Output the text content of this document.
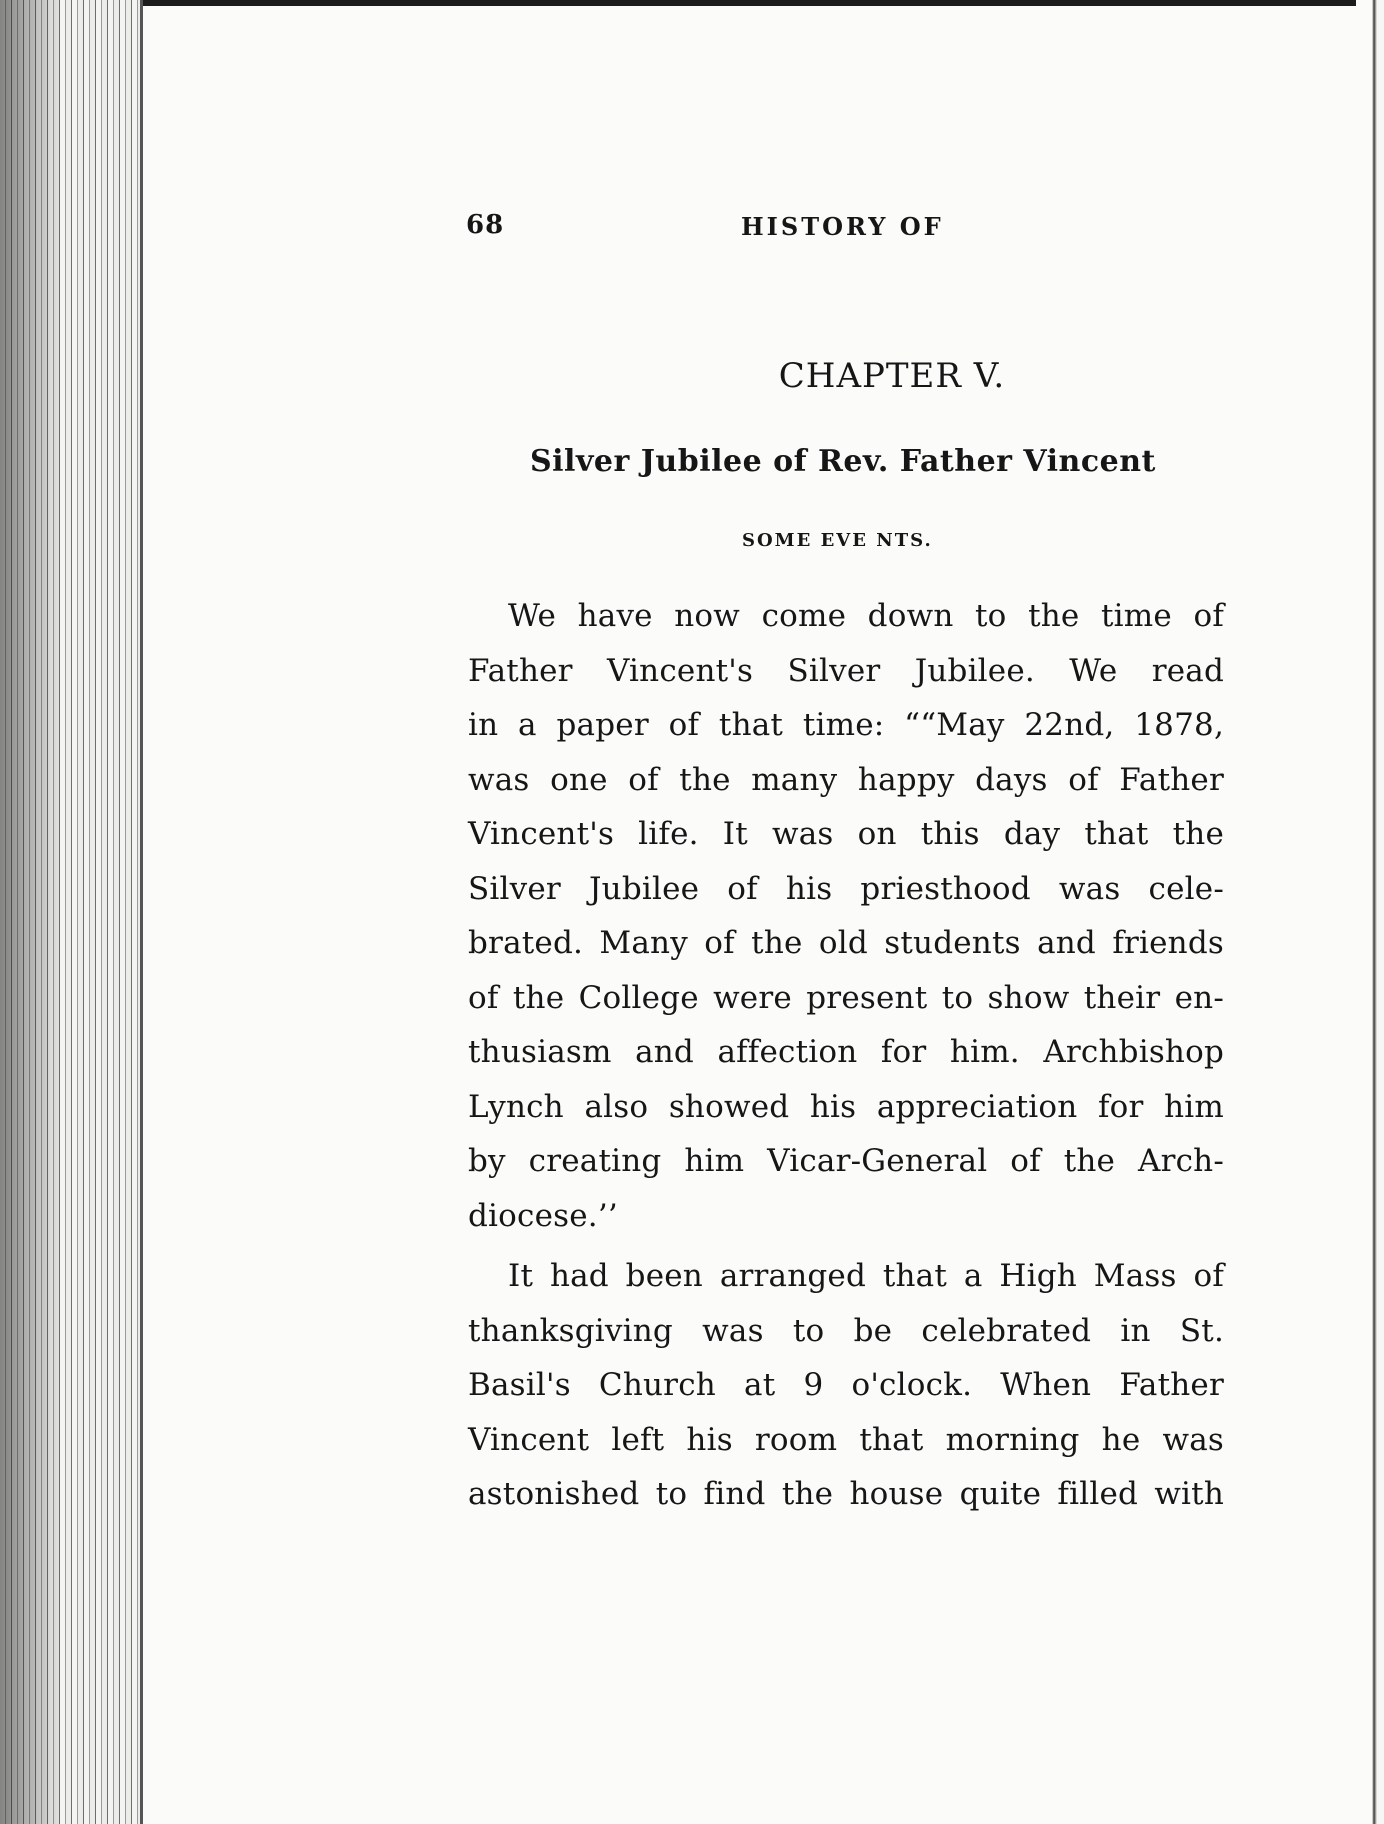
68	HISTORY OF
CHAPTER V.
Silver Jubilee of Rev. Father Vincent
SOME EVE NTS.
We have now come down to the time of
Father Vincent's Silver Jubilee. We read
in a paper of that time: ““May 22nd, 1878,
was one of the many happy days of Father
Vincent's life. It was on this day that the
Silver Jubilee of his priesthood was cele-
brated. Many of the old students and friends
of the College were present to show their en-
thusiasm and affection for him. Archbishop
Lynch also showed his appreciation for him
by creating him Vicar-General of the Arch-
diocese.’’
It had been arranged that a High Mass of
thanksgiving was to be celebrated in St.
Basil's Church at 9 o'clock. When Father
Vincent left his room that morning he was
astonished to find the house quite filled with
